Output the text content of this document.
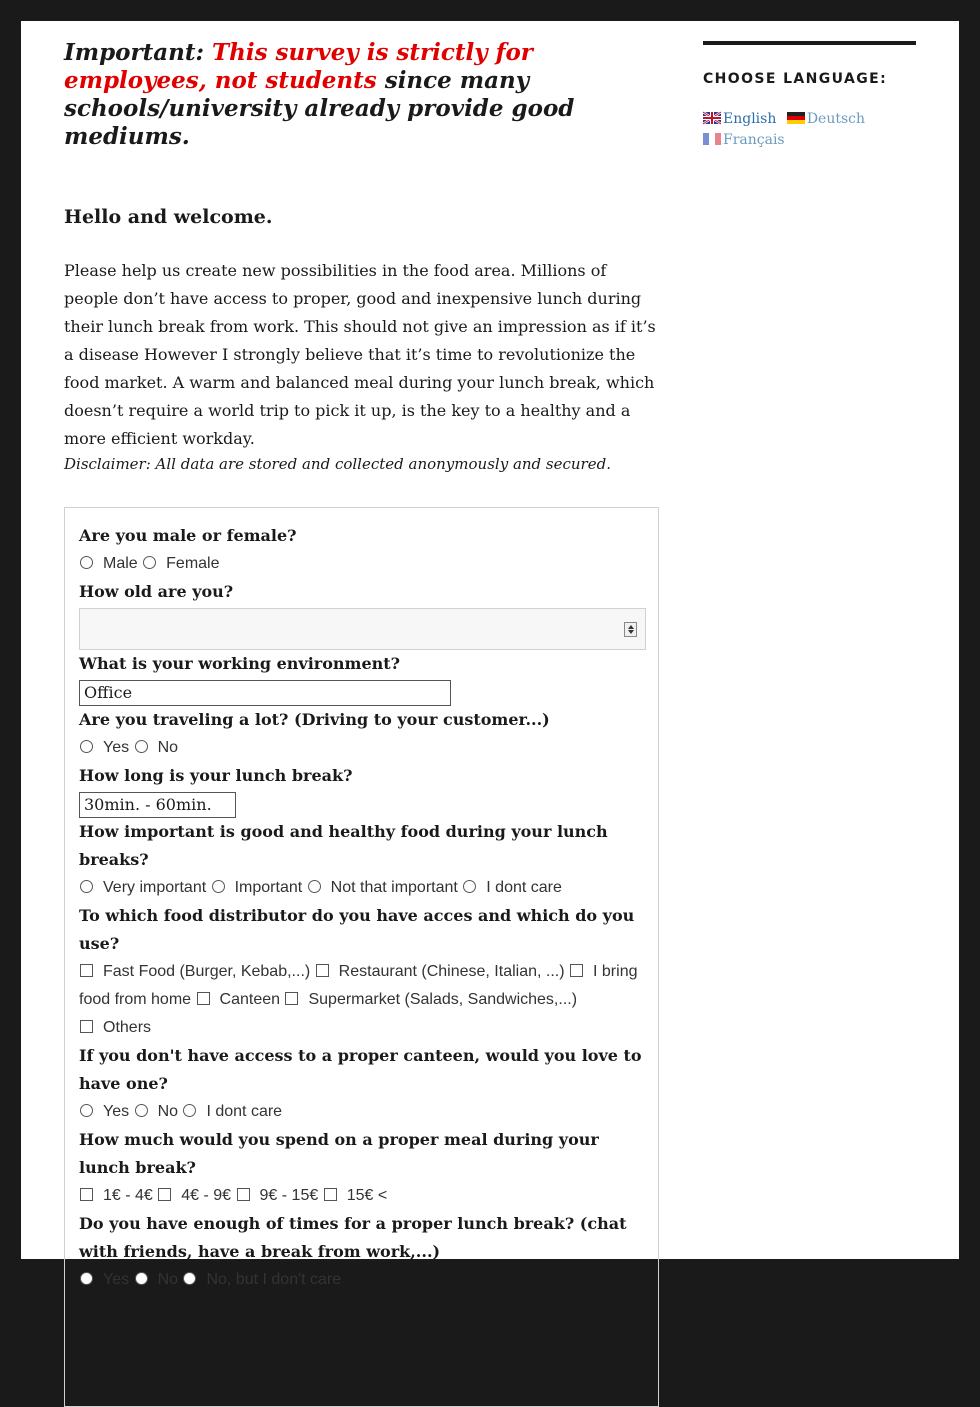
Important: This survey is strictly for employees, not students since many schools/university already provide good mediums.

Hello and welcome.

Please help us create new possibilities in the food area. Millions of people don’t have access to proper, good and inexpensive lunch during their lunch break from work. This should not give an impression as if it’s a disease However I strongly believe that it’s time to revolutionize the food market. A warm and balanced meal during your lunch break, which doesn’t require a world trip to pick it up, is the key to a healthy and a more efficient workday.

Disclaimer: All data are stored and collected anonymously and secured.

Are you male or female?

Male Female

How old are you?

What is your working environment?

Office

Are you traveling a lot? (Driving to your customer...)

Yes No

How long is your lunch break?

30min. - 60min.

How important is good and healthy food during your lunch breaks?

Very important Important Not that important I dont care

To which food distributor do you have acces and which do you use?

Fast Food (Burger, Kebab,...) Restaurant (Chinese, Italian, ...) I bring food from home Canteen Supermarket (Salads, Sandwiches,...) Others

If you don't have access to a proper canteen, would you love to have one?

Yes No I dont care

How much would you spend on a proper meal during your lunch break?

1€ - 4€ 4€ - 9€ 9€ - 15€ 15€ <

Do you have enough of times for a proper lunch break? (chat with friends, have a break from work,...)

Yes No No, but I don't care

If there would be an alternative way to have a warm, good and healthy meal everyday during your lunch break, would you make use

CHOOSE LANGUAGE:

English Deutsch
Français
